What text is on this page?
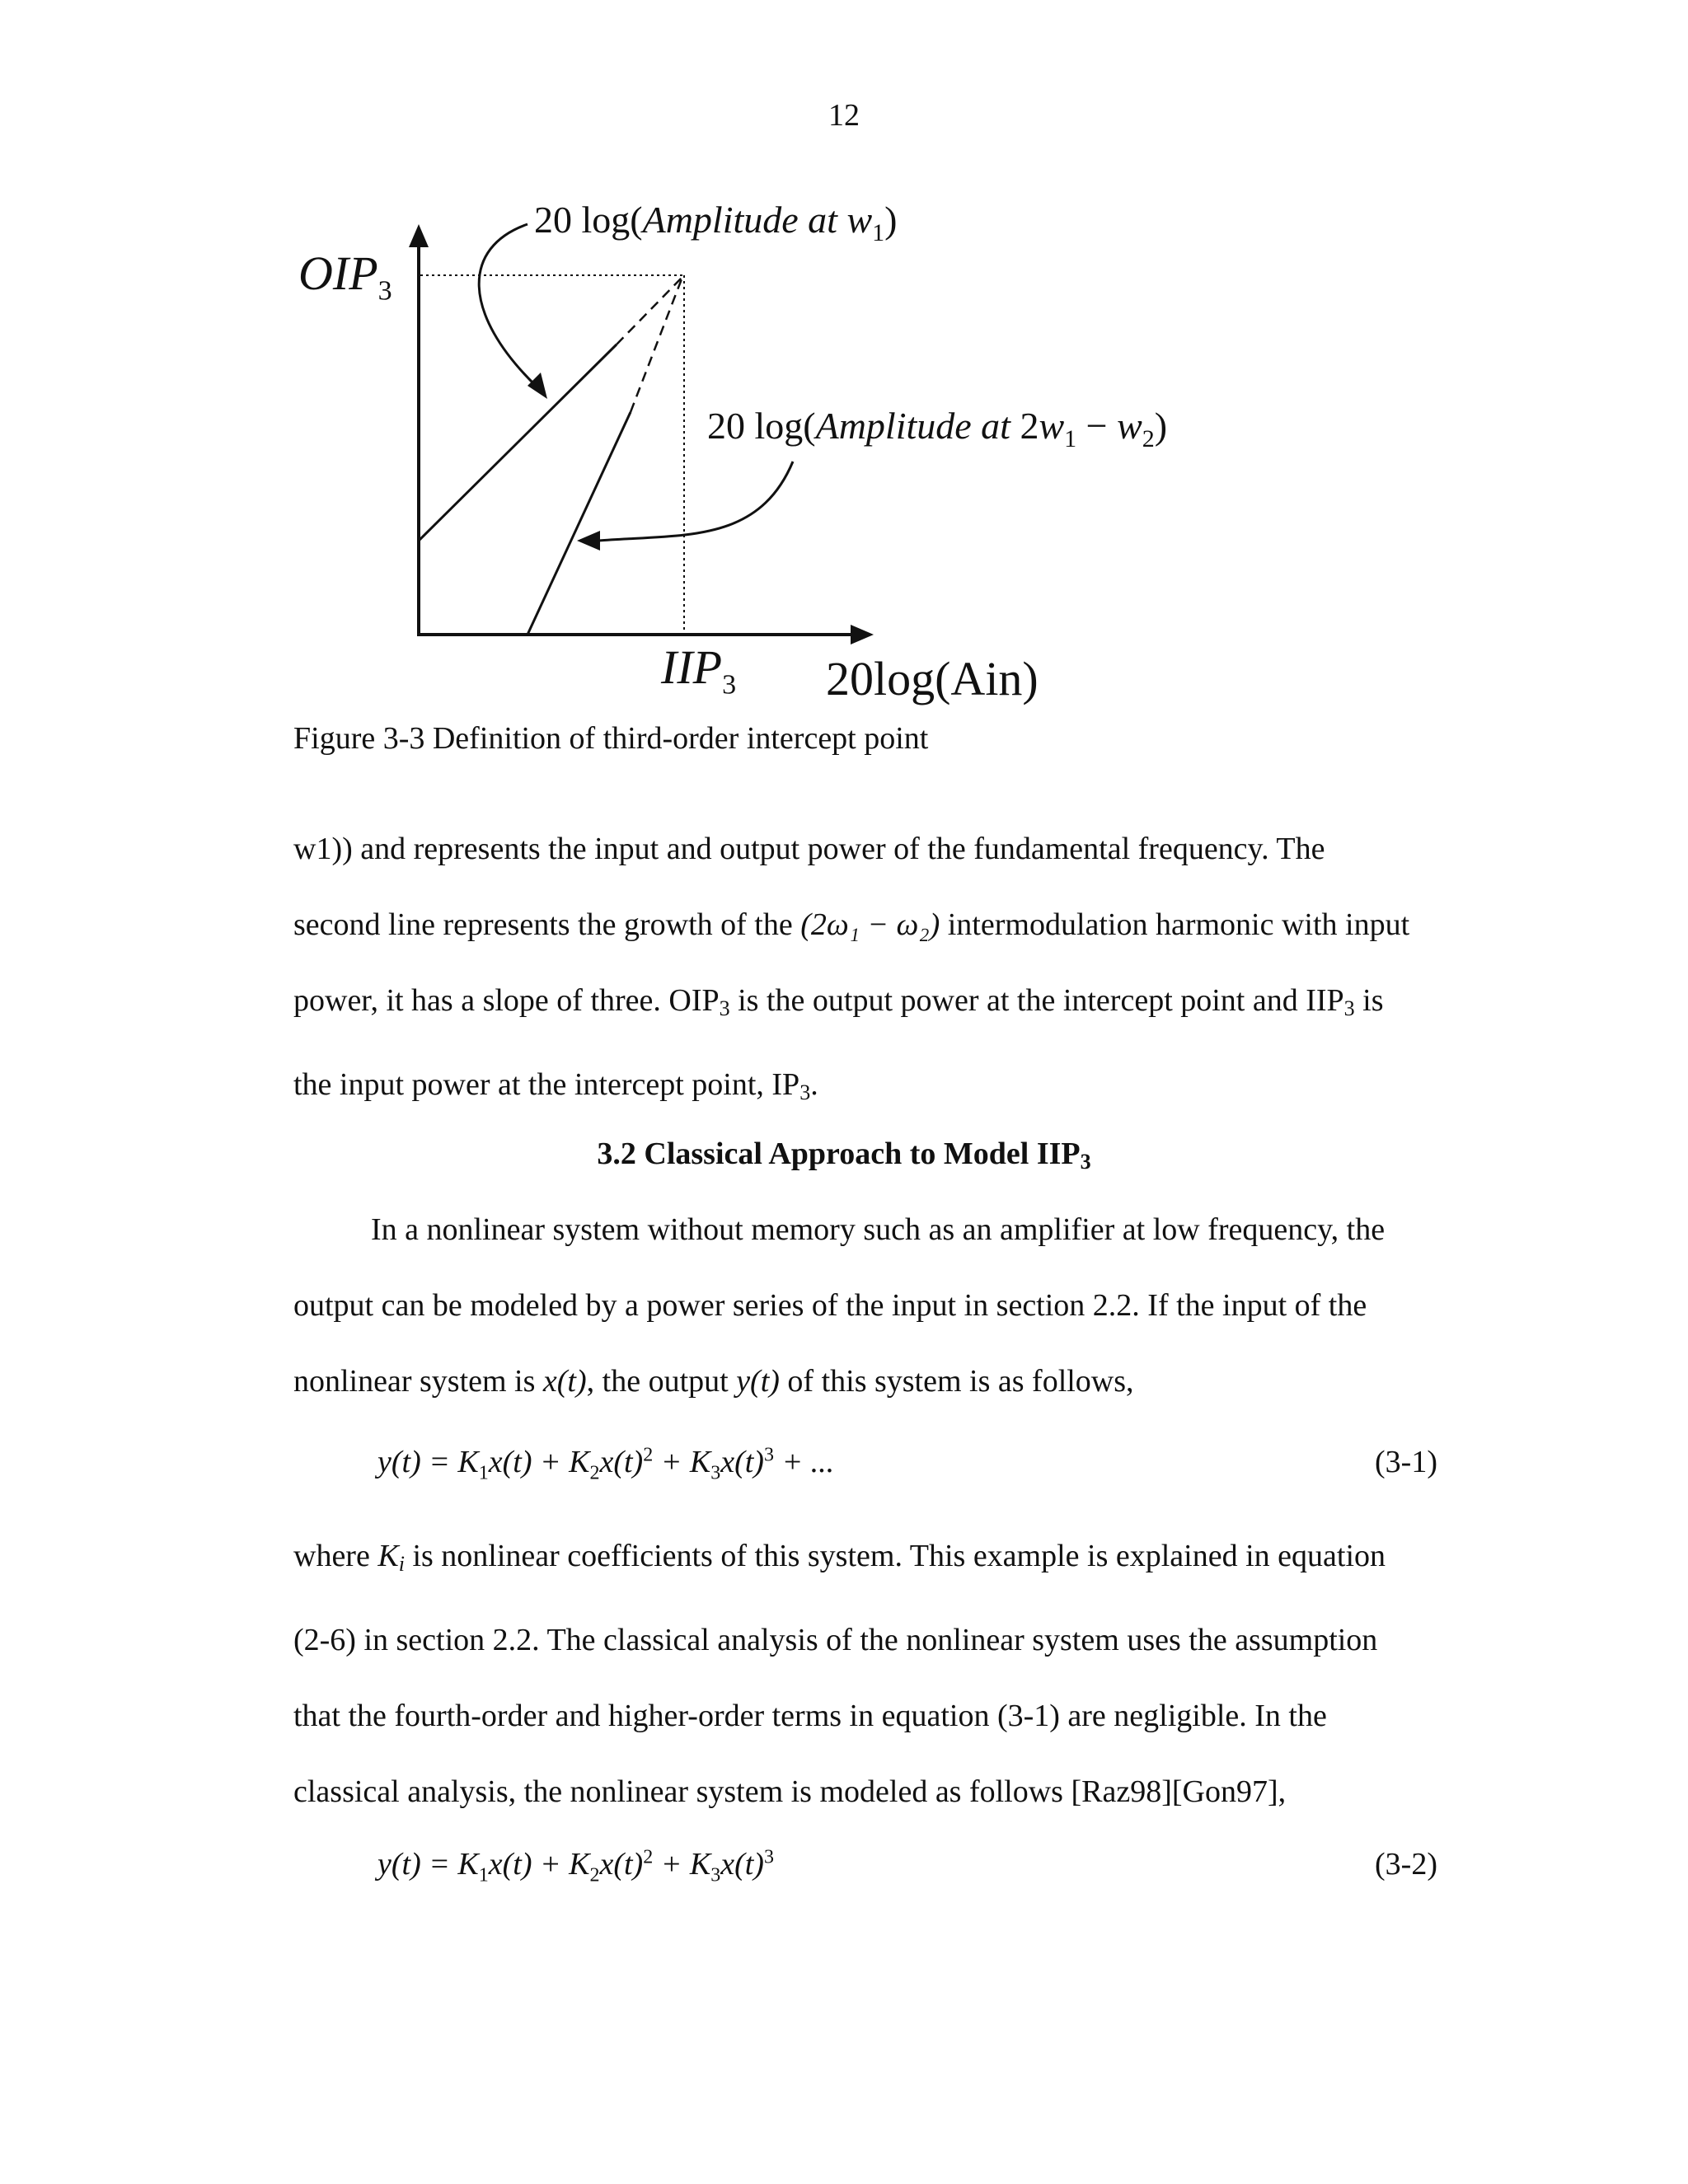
12
$OIP_3$
$IIP_3$ 20log(Ain)
20 log(Amplitude at $w_1$)
20 log(Amplitude at $2w_1 - w_2$)
Figure 3-3 Definition of third-order intercept point

w1)) and represents the input and output power of the fundamental frequency. The

second line represents the growth of the (2ω₁ − ω₂) intermodulation harmonic with input

power, it has a slope of three. $OIP_3$ is the output power at the intercept point and $IIP_3$ is

the input power at the intercept point, $IP_3$.

3.2 Classical Approach to Model $IIP_3$

In a nonlinear system without memory such as an amplifier at low frequency, the

output can be modeled by a power series of the input in section 2.2. If the input of the

nonlinear system is x(t), the output y(t) of this system is as follows,

$y(t) = K_1x(t) + K_2x(t)^2 + K_3x(t)^3$ + ...	(3-1)

where $K_i$ is nonlinear coefficients of this system. This example is explained in equation

(2-6) in section 2.2. The classical analysis of the nonlinear system uses the assumption

that the fourth-order and higher-order terms in equation (3-1) are negligible. In the

classical analysis, the nonlinear system is modeled as follows [Raz98][Gon97],

$y(t) = K_1x(t) + K_2x(t)^2 + K_3x(t)^3$	(3-2)
